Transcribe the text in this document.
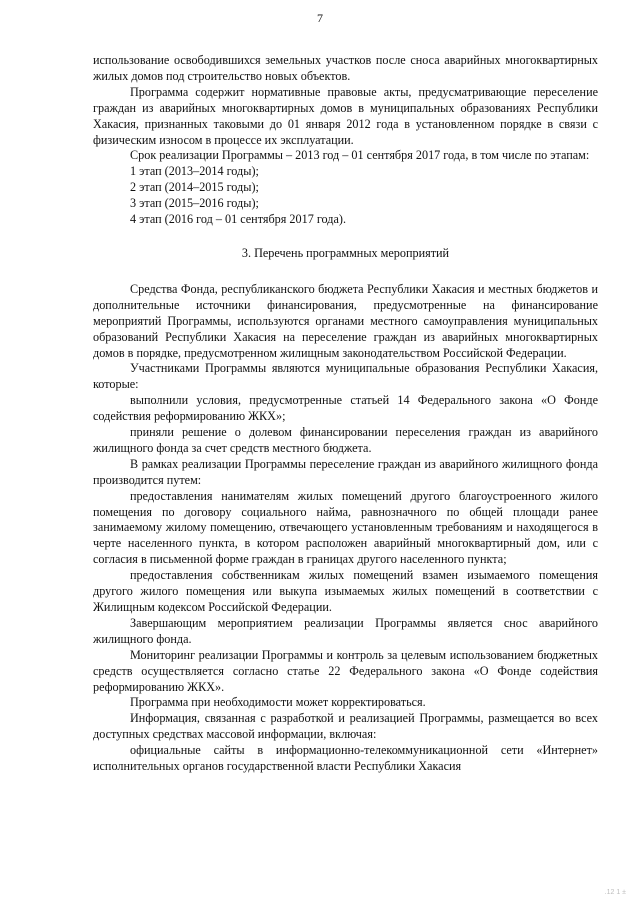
7

использование освободившихся земельных участков после сноса аварийных многоквартирных жилых домов под строительство новых объектов.

Программа содержит нормативные правовые акты, предусматривающие переселение граждан из аварийных многоквартирных домов в муниципальных образованиях Республики Хакасия, признанных таковыми до 01 января 2012 года в установленном порядке в связи с физическим износом в процессе их эксплуатации.

Срок реализации Программы – 2013 год – 01 сентября 2017 года, в том числе по этапам:

1 этап (2013–2014 годы);

2 этап (2014–2015 годы);

3 этап (2015–2016 годы);

4 этап (2016 год – 01 сентября 2017 года).

3. Перечень программных мероприятий

Средства Фонда, республиканского бюджета Республики Хакасия и местных бюджетов и дополнительные источники финансирования, предусмотренные на финансирование мероприятий Программы, используются органами местного самоуправления муниципальных образований Республики Хакасия на переселение граждан из аварийных многоквартирных домов в порядке, предусмотренном жилищным законодательством Российской Федерации.

Участниками Программы являются муниципальные образования Республики Хакасия, которые:

выполнили условия, предусмотренные статьей 14 Федерального закона «О Фонде содействия реформированию ЖКХ»;

приняли решение о долевом финансировании переселения граждан из аварийного жилищного фонда за счет средств местного бюджета.

В рамках реализации Программы переселение граждан из аварийного жилищного фонда производится путем:

предоставления нанимателям жилых помещений другого благоустроенного жилого помещения по договору социального найма, равнозначного по общей площади ранее занимаемому жилому помещению, отвечающего установленным требованиям и находящегося в черте населенного пункта, в котором расположен аварийный многоквартирный дом, или с согласия в письменной форме граждан в границах другого населенного пункта;

предоставления собственникам жилых помещений взамен изымаемого помещения другого жилого помещения или выкупа изымаемых жилых помещений в соответствии с Жилищным кодексом Российской Федерации.

Завершающим мероприятием реализации Программы является снос аварийного жилищного фонда.

Мониторинг реализации Программы и контроль за целевым использованием бюджетных средств осуществляется согласно статье 22 Федерального закона «О Фонде содействия реформированию ЖКХ».

Программа при необходимости может корректироваться.

Информация, связанная с разработкой и реализацией Программы, размещается во всех доступных средствах массовой информации, включая:

официальные сайты в информационно-телекоммуникационной сети «Интернет» исполнительных органов государственной власти Республики Хакасия

.12 1 ±
